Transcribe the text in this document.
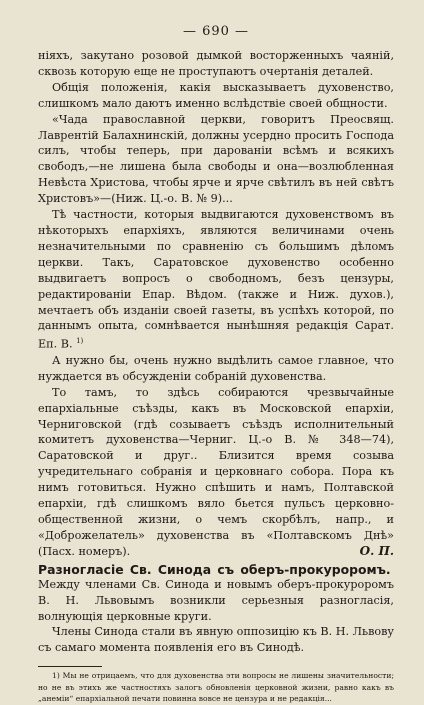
— 690 —

ніяхъ, закутано розовой дымкой восторженныхъ чаяній, сквозь которую еще не проступаютъ очертанія деталей.

Общія положенія, какія высказываетъ духовенство, слишкомъ мало даютъ именно вслѣдствіе своей общности.

«Чада православной церкви, говоритъ Преосвящ. Лаврентій Балахнинскій, должны усердно просить Господа силъ, чтобы теперь, при дарованіи всѣмъ и всякихъ свободъ,—не лишена была свободы и она—возлюбленная Невѣста Христова, чтобы ярче и ярче свѣтилъ въ ней свѣтъ Христовъ»—(Ниж. Ц.-о. В. № 9)...

Тѣ частности, которыя выдвигаются духовенствомъ въ нѣкоторыхъ епархіяхъ, являются величинами очень незначительными по сравненію съ большимъ дѣломъ церкви. Такъ, Саратовское духовенство особенно выдвигаетъ вопросъ о свободномъ, безъ цензуры, редактированіи Епар. Вѣдом. (также и Ниж. духов.), мечтаетъ объ изданіи своей газеты, въ успѣхъ которой, по даннымъ опыта, сомнѣвается нынѣшняя редакція Сарат. Еп. В. $^{1)}$

А нужно бы, очень нужно выдѣлить самое главное, что нуждается въ обсужденіи собраній духовенства.

То тамъ, то здѣсь собираются чрезвычайные епархіальные съѣзды, какъ въ Московской епархіи, Черниговской (гдѣ созываетъ съѣздъ исполнительный комитетъ духовенства—Черниг. Ц.-о В. № 348—74), Саратовской и друг.. Близится время созыва учредительнаго собранія и церковнаго собора. Пора къ нимъ готовиться. Нужно спѣшить и намъ, Полтавской епархіи, гдѣ слишкомъ вяло бьется пульсъ церковно-общественной жизни, о чемъ скорбѣлъ, напр., и «Доброжелатель» духовенства въ «Полтавскомъ Днѣ» (Пасх. номеръ).	О. П.

Разногласіе Св. Синода съ оберъ-прокуроромъ.

Между членами Св. Синода и новымъ оберъ-прокуроромъ В. Н. Львовымъ возникли серьезныя разногласія, волнующія церковные круги.

Члены Синода стали въ явную оппозицію къ В. Н. Львову съ самаго момента появленія его въ Синодѣ.

1) Мы не отрицаемъ, что для духовенства эти вопросы не лишены значительности; но не въ этихъ же частностяхъ залогъ обновленія церковной жизни, равно какъ въ „анеміи“ епархіальной печати повинна вовсе не цензура и не редакція...
